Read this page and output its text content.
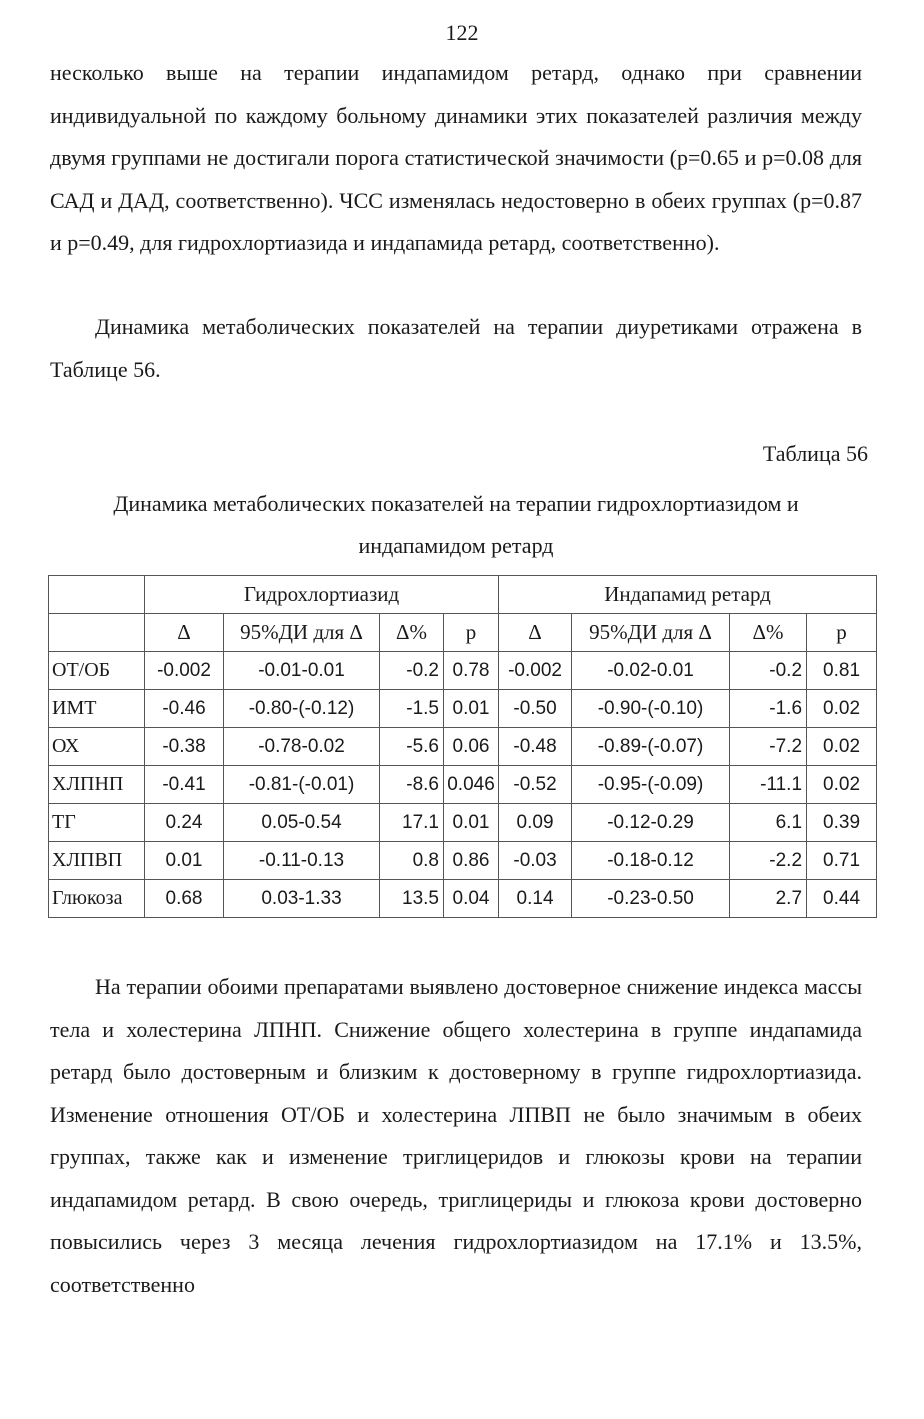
122

несколько выше на терапии индапамидом ретард, однако при сравнении индивидуальной по каждому больному динамики этих показателей различия между двумя группами не достигали порога статистической значимости (p=0.65 и p=0.08 для САД и ДАД, соответственно). ЧСС изменялась недостоверно в обеих группах (p=0.87 и p=0.49, для гидрохлортиазида и индапамида ретард, соответственно).

Динамика метаболических показателей на терапии диуретиками отражена в Таблице 56.

Таблица 56
Динамика метаболических показателей на терапии гидрохлортиазидом и индапамидом ретард
	Гидрохлортиазид				Индапамид ретард			
	Δ	95%ДИ для Δ	Δ%	p	Δ	95%ДИ для Δ	Δ%	p
ОТ/ОБ	-0.002	-0.01-0.01	-0.2	0.78	-0.002	-0.02-0.01	-0.2	0.81
ИМТ	-0.46	-0.80-(-0.12)	-1.5	0.01	-0.50	-0.90-(-0.10)	-1.6	0.02
ОХ	-0.38	-0.78-0.02	-5.6	0.06	-0.48	-0.89-(-0.07)	-7.2	0.02
ХЛПНП	-0.41	-0.81-(-0.01)	-8.6	0.046	-0.52	-0.95-(-0.09)	-11.1	0.02
ТГ	0.24	0.05-0.54	17.1	0.01	0.09	-0.12-0.29	6.1	0.39
ХЛПВП	0.01	-0.11-0.13	0.8	0.86	-0.03	-0.18-0.12	-2.2	0.71
Глюкоза	0.68	0.03-1.33	13.5	0.04	0.14	-0.23-0.50	2.7	0.44

На терапии обоими препаратами выявлено достоверное снижение индекса массы тела и холестерина ЛПНП. Снижение общего холестерина в группе индапамида ретард было достоверным и близким к достоверному в группе гидрохлортиазида. Изменение отношения ОТ/ОБ и холестерина ЛПВП не было значимым в обеих группах, также как и изменение триглицеридов и глюкозы крови на терапии индапамидом ретард. В свою очередь, триглицериды и глюкоза крови достоверно повысились через 3 месяца лечения гидрохлортиазидом на 17.1% и 13.5%, соответственно
